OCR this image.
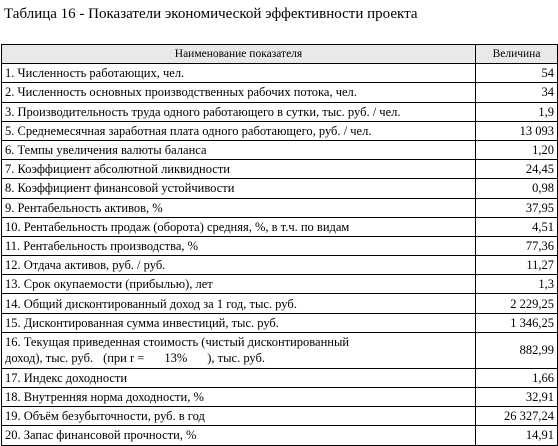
Таблица 16 - Показатели экономической эффективности проекта
Наименование показателя	Величина
1. Численность работающих, чел.	54
2. Численность основных производственных рабочих потока, чел.	34
3. Производительность труда одного работающего в сутки, тыс. руб. / чел.	1,9
5. Среднемесячная заработная плата одного работающего, руб. / чел.	13 093
6. Темпы увеличения валюты баланса	1,20
7. Коэффициент абсолютной ликвидности	24,45
8. Коэффициент финансовой устойчивости	0,98
9. Рентабельность активов, %	37,95
10. Рентабельность продаж (оборота) средняя, %, в т.ч. по видам	4,51
11. Рентабельность производства, %	77,36
12. Отдача активов, руб. / руб.	11,27
13. Срок окупаемости (прибылью), лет	1,3
14. Общий дисконтированный доход за 1 год, тыс. руб.	2 229,25
15. Дисконтированная сумма инвестиций, тыс. руб.	1 346,25
16. Текущая приведенная стоимость (чистый дисконтированный
доход), тыс. руб. (при r = 13% ), тыс. руб.	882,99
17. Индекс доходности	1,66
18. Внутренняя норма доходности, %	32,91
19. Объём безубыточности, руб. в год	26 327,24
20. Запас финансовой прочности, %	14,91
